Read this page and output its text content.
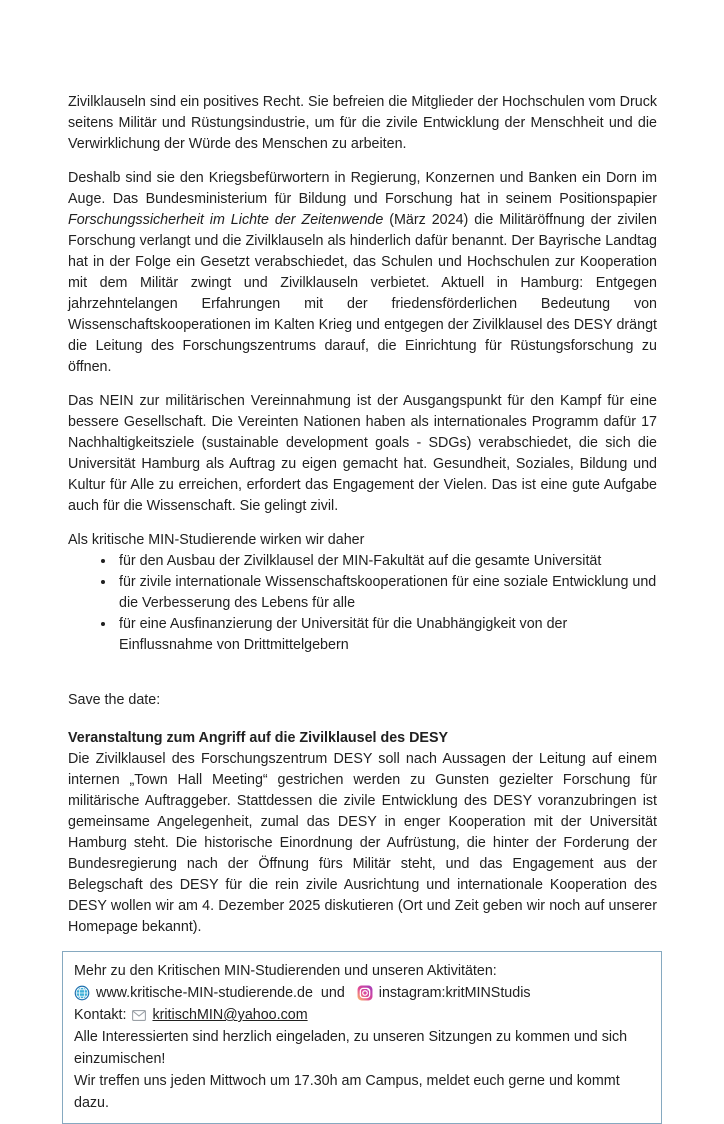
Zivilklauseln sind ein positives Recht. Sie befreien die Mitglieder der Hochschulen vom Druck seitens Militär und Rüstungsindustrie, um für die zivile Entwicklung der Menschheit und die Verwirklichung der Würde des Menschen zu arbeiten.

Deshalb sind sie den Kriegsbefürwortern in Regierung, Konzernen und Banken ein Dorn im Auge. Das Bundesministerium für Bildung und Forschung hat in seinem Positionspapier Forschungssicherheit im Lichte der Zeitenwende (März 2024) die Militäröffnung der zivilen Forschung verlangt und die Zivilklauseln als hinderlich dafür benannt. Der Bayrische Landtag hat in der Folge ein Gesetzt verabschiedet, das Schulen und Hochschulen zur Kooperation mit dem Militär zwingt und Zivilklauseln verbietet. Aktuell in Hamburg: Entgegen jahrzehntelangen Erfahrungen mit der friedensförderlichen Bedeutung von Wissenschaftskooperationen im Kalten Krieg und entgegen der Zivilklausel des DESY drängt die Leitung des Forschungszentrums darauf, die Einrichtung für Rüstungsforschung zu öffnen.

Das NEIN zur militärischen Vereinnahmung ist der Ausgangspunkt für den Kampf für eine bessere Gesellschaft. Die Vereinten Nationen haben als internationales Programm dafür 17 Nachhaltigkeitsziele (sustainable development goals - SDGs) verabschiedet, die sich die Universität Hamburg als Auftrag zu eigen gemacht hat. Gesundheit, Soziales, Bildung und Kultur für Alle zu erreichen, erfordert das Engagement der Vielen. Das ist eine gute Aufgabe auch für die Wissenschaft. Sie gelingt zivil.

Als kritische MIN-Studierende wirken wir daher

• für den Ausbau der Zivilklausel der MIN-Fakultät auf die gesamte Universität
• für zivile internationale Wissenschaftskooperationen für eine soziale Entwicklung und die Verbesserung des Lebens für alle
• für eine Ausfinanzierung der Universität für die Unabhängigkeit von der Einflussnahme von Drittmittelgebern

Save the date:

Veranstaltung zum Angriff auf die Zivilklausel des DESY

Die Zivilklausel des Forschungszentrum DESY soll nach Aussagen der Leitung auf einem internen „Town Hall Meeting“ gestrichen werden zu Gunsten gezielter Forschung für militärische Auftraggeber. Stattdessen die zivile Entwicklung des DESY voranzubringen ist gemeinsame Angelegenheit, zumal das DESY in enger Kooperation mit der Universität Hamburg steht. Die historische Einordnung der Aufrüstung, die hinter der Forderung der Bundesregierung nach der Öffnung fürs Militär steht, und das Engagement aus der Belegschaft des DESY für die rein zivile Ausrichtung und internationale Kooperation des DESY wollen wir am 4. Dezember 2025 diskutieren (Ort und Zeit geben wir noch auf unserer Homepage bekannt).

Mehr zu den Kritischen MIN-Studierenden und unseren Aktivitäten:
www.kritische-MIN-studierende.de und instagram:kritMINStudis
Kontakt: kritischMIN@yahoo.com
Alle Interessierten sind herzlich eingeladen, zu unseren Sitzungen zu kommen und sich einzumischen!
Wir treffen uns jeden Mittwoch um 17.30h am Campus, meldet euch gerne und kommt dazu.
